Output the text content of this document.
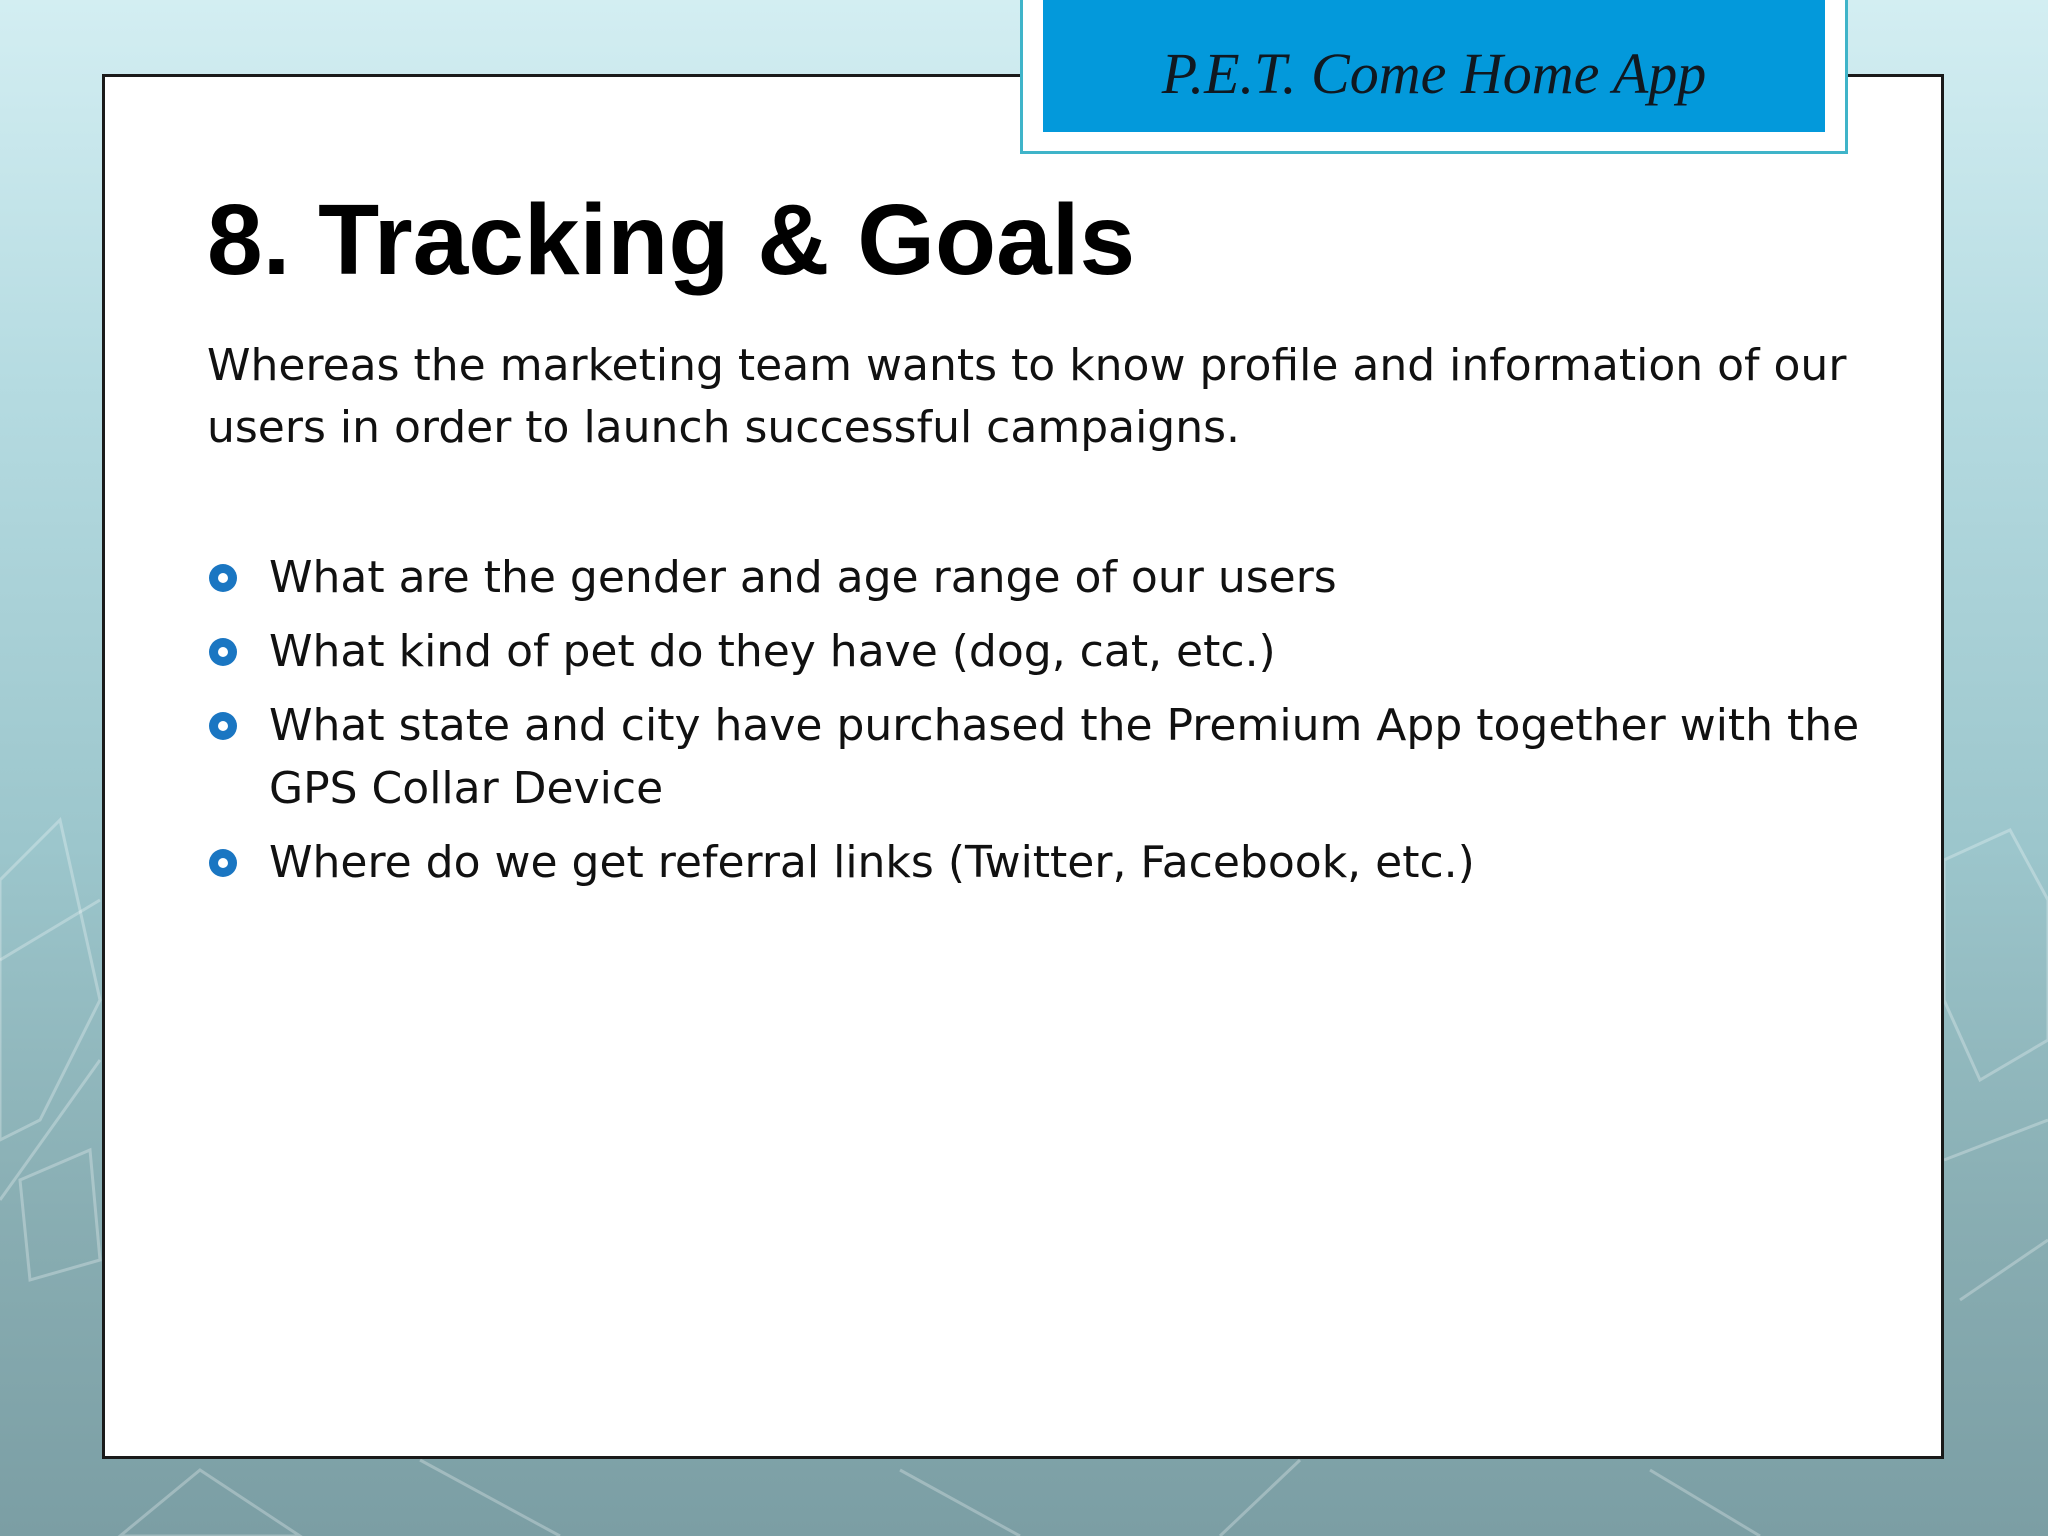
P.E.T. Come Home App
8. Tracking & Goals

Whereas the marketing team wants to know profile and information of our users in order to launch successful campaigns.

What are the gender and age range of our users
What kind of pet do they have (dog, cat, etc.)
What state and city have purchased the Premium App together with the GPS Collar Device
Where do we get referral links (Twitter, Facebook, etc.)
